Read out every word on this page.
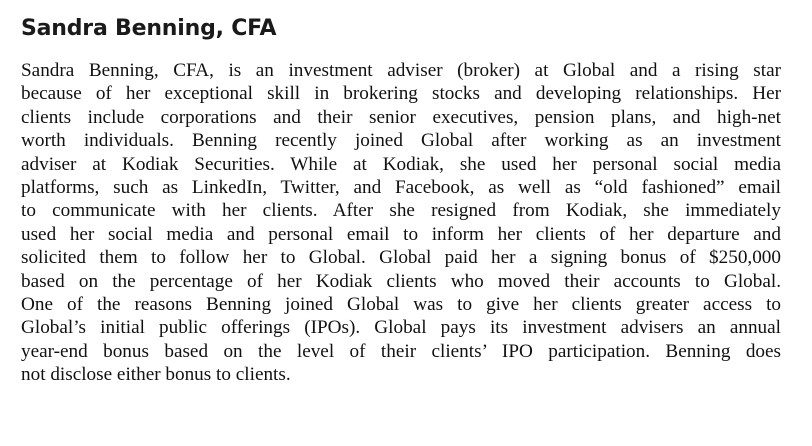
Sandra Benning, CFA
Sandra Benning, CFA, is an investment adviser (broker) at Global and a rising star
because of her exceptional skill in brokering stocks and developing relationships. Her
clients include corporations and their senior executives, pension plans, and high-net
worth individuals. Benning recently joined Global after working as an investment
adviser at Kodiak Securities. While at Kodiak, she used her personal social media
platforms, such as LinkedIn, Twitter, and Facebook, as well as “old fashioned” email
to communicate with her clients. After she resigned from Kodiak, she immediately
used her social media and personal email to inform her clients of her departure and
solicited them to follow her to Global. Global paid her a signing bonus of $250,000
based on the percentage of her Kodiak clients who moved their accounts to Global.
One of the reasons Benning joined Global was to give her clients greater access to
Global’s initial public offerings (IPOs). Global pays its investment advisers an annual
year-end bonus based on the level of their clients’ IPO participation. Benning does
not disclose either bonus to clients.
